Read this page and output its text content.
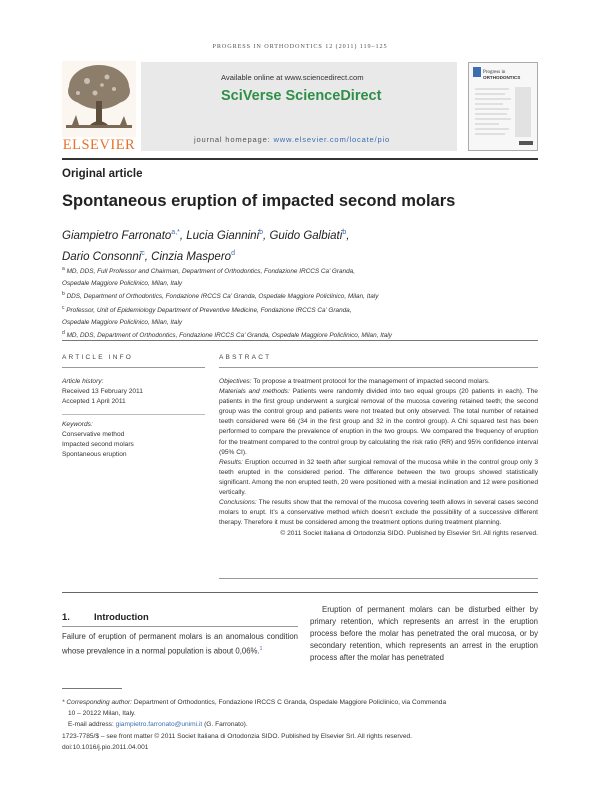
PROGRESS IN ORTHODONTICS 12 (2011) 119–125
ELSEVIER
Available online at www.sciencedirect.com
SciVerse ScienceDirect
journal homepage: www.elsevier.com/locate/pio
Progress in
ORTHODONTICS
Original article
Spontaneous eruption of impacted second molars
Giampietro Farronato$^{a,*}$, Lucia Giannini$^b$, Guido Galbiati$^b$,
Dario Consonni$^c$, Cinzia Maspero$^d$

$^a$ MD, DDS, Full Professor and Chairman, Department of Orthodontics, Fondazione IRCCS Ca’ Granda,

Ospedale Maggiore Policlinico, Milan, Italy

$^b$ DDS, Department of Orthodontics, Fondazione IRCCS Ca’ Granda, Ospedale Maggiore Policlinico, Milan, Italy

$^c$ Professor, Unit of Epidemiology Department of Preventive Medicine, Fondazione IRCCS Ca’ Granda,

Ospedale Maggiore Policlinico, Milan, Italy

$^d$ MD, DDS, Department of Orthodontics, Fondazione IRCCS Ca’ Granda, Ospedale Maggiore Policlinico, Milan, Italy

ARTICLE INFO	ABSTRACT

Article history:

Received 13 February 2011

Accepted 1 April 2011

Keywords:

Conservative method

Impacted second molars

Spontaneous eruption

Objectives: To propose a treatment protocol for the management of impacted second molars.

Materials and methods: Patients were randomly divided into two equal groups (20 patients in each). The patients in the first group underwent a surgical removal of the mucosa covering retained teeth; the second group was the control group and patients were not treated but only observed. The total number of retained teeth considered were 66 (34 in the first group and 32 in the control group). A Chi squared test has been performed to compare the prevalence of eruption in the two groups. We compared the frequency of eruption for the treatment compared to the control group by calculating the risk ratio (RR) and 95% confidence interval (95% CI).

Results: Eruption occurred in 32 teeth after surgical removal of the mucosa while in the control group only 3 teeth erupted in the considered period. The difference between the two groups showed statistically significant. Among the non erupted teeth, 20 were positioned with a mesial inclination and 12 were positioned vertically.

Conclusions: The results show that the removal of the mucosa covering teeth allows in several cases second molars to erupt. It’s a conservative method which doesn’t exclude the possibility of a successive different therapy. Therefore it must be considered among the treatment options during treatment planning.

© 2011 Societ Italiana di Ortodonzia SIDO. Published by Elsevier Srl. All rights reserved.

1.	Introduction

Failure of eruption of permanent molars is an anomalous condition whose prevalence in a normal population is about 0,06%.$^1$

Eruption of permanent molars can be disturbed either by primary retention, which represents an arrest in the eruption process before the molar has penetrated the oral mucosa, or by secondary retention, which represents an arrest in the eruption process after the molar has penetrated

* Corresponding author: Department of Orthodontics, Fondazione IRCCS C Granda, Ospedale Maggiore Policlinico, via Commenda

10 – 20122 Milan, Italy.

E-mail address: giampietro.farronato@unimi.it (G. Farronato).

1723-7785/$ – see front matter © 2011 Societ Italiana di Ortodonzia SIDO. Published by Elsevier Srl. All rights reserved.

doi:10.1016/j.pio.2011.04.001
